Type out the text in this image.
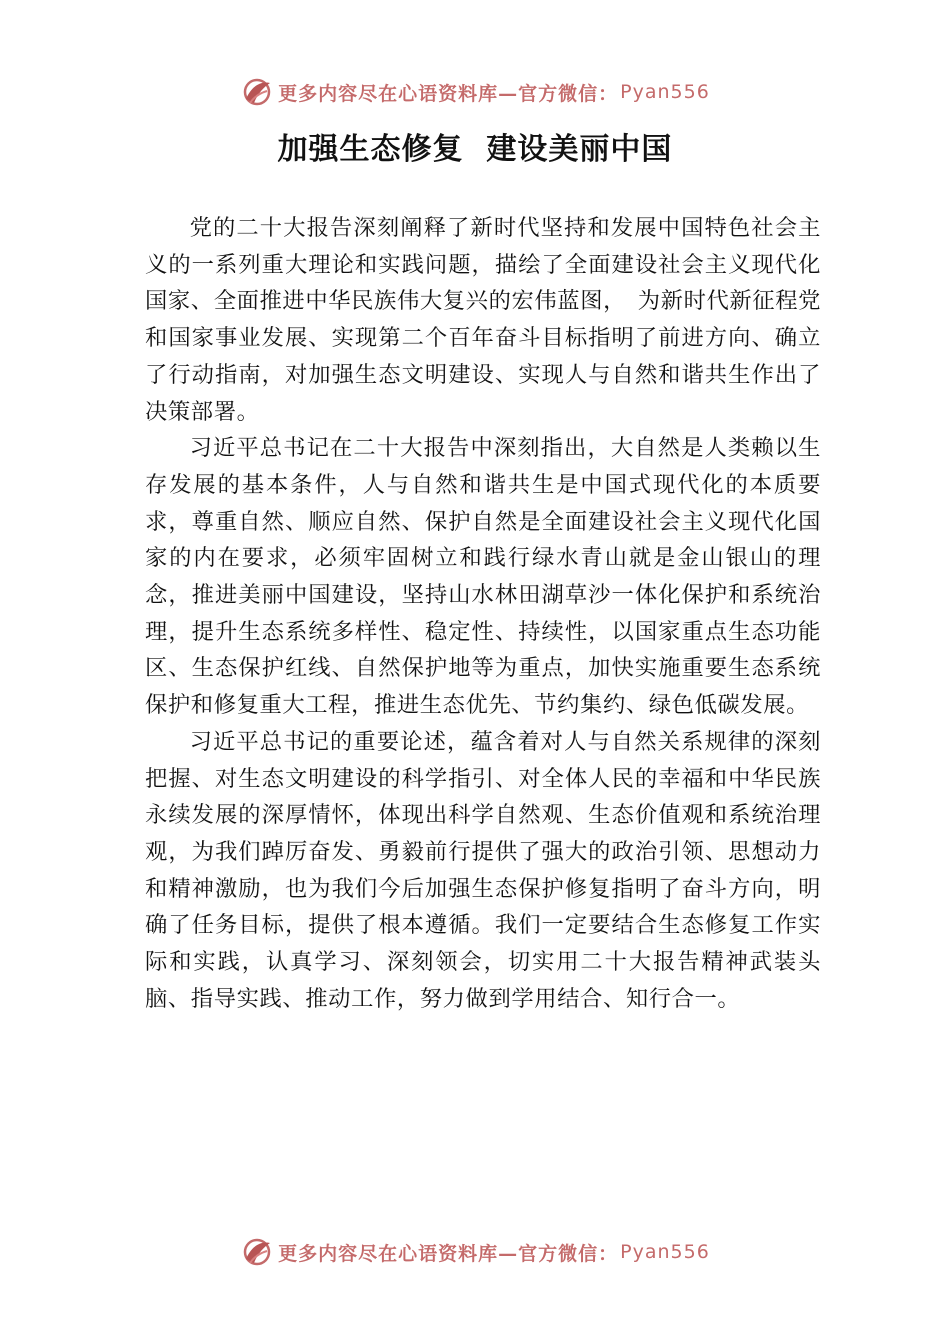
更多内容尽在心语资料库—官方微信： Pyan556
加强生态修复  建设美丽中国

党的二十大报告深刻阐释了新时代坚持和发展中国特色社会主义的一系列重大理论和实践问题，描绘了全面建设社会主义现代化国家、全面推进中华民族伟大复兴的宏伟蓝图，　为新时代新征程党和国家事业发展、实现第二个百年奋斗目标指明了前进方向、确立了行动指南，对加强生态文明建设、实现人与自然和谐共生作出了决策部署。

习近平总书记在二十大报告中深刻指出，大自然是人类赖以生存发展的基本条件，人与自然和谐共生是中国式现代化的本质要求，尊重自然、顺应自然、保护自然是全面建设社会主义现代化国家的内在要求，必须牢固树立和践行绿水青山就是金山银山的理念，推进美丽中国建设，坚持山水林田湖草沙一体化保护和系统治理，提升生态系统多样性、稳定性、持续性，以国家重点生态功能区、生态保护红线、自然保护地等为重点，加快实施重要生态系统保护和修复重大工程，推进生态优先、节约集约、绿色低碳发展。

习近平总书记的重要论述，蕴含着对人与自然关系规律的深刻把握、对生态文明建设的科学指引、对全体人民的幸福和中华民族永续发展的深厚情怀，体现出科学自然观、生态价值观和系统治理观，为我们踔厉奋发、勇毅前行提供了强大的政治引领、思想动力和精神激励，也为我们今后加强生态保护修复指明了奋斗方向，明确了任务目标，提供了根本遵循。我们一定要结合生态修复工作实际和实践，认真学习、深刻领会，切实用二十大报告精神武装头脑、指导实践、推动工作，努力做到学用结合、知行合一。

更多内容尽在心语资料库—官方微信： Pyan556
